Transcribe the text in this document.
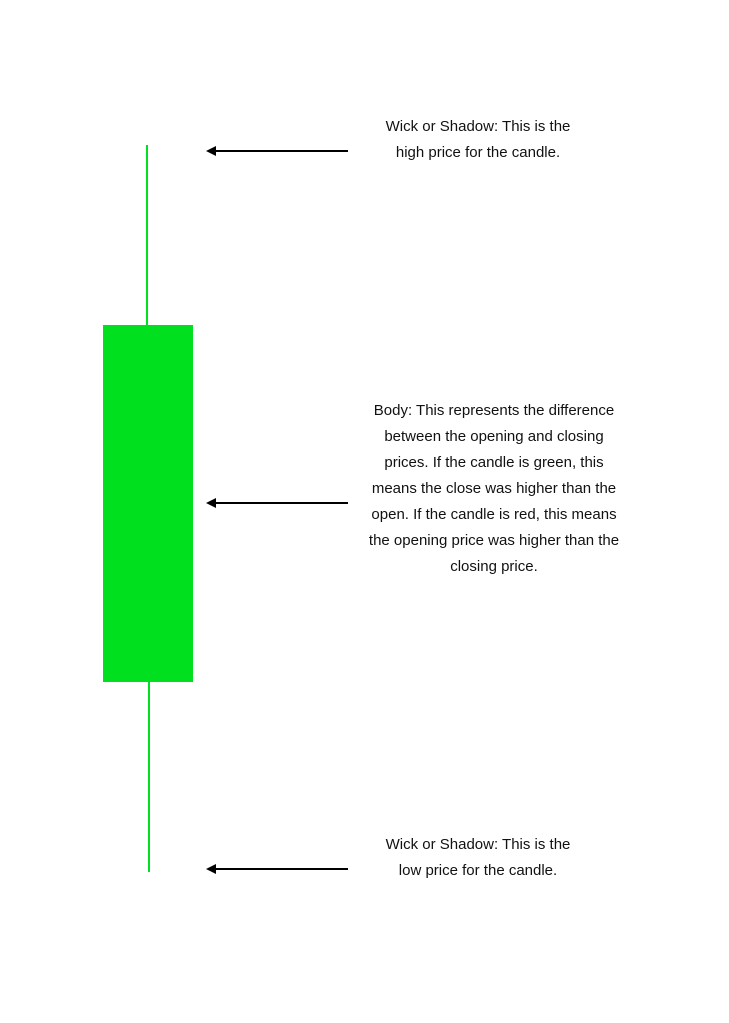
Wick or Shadow: This is the high price for the candle.
Body: This represents the difference between the opening and closing prices. If the candle is green, this means the close was higher than the open. If the candle is red, this means the opening price was higher than the closing price.
Wick or Shadow: This is the low price for the candle.
